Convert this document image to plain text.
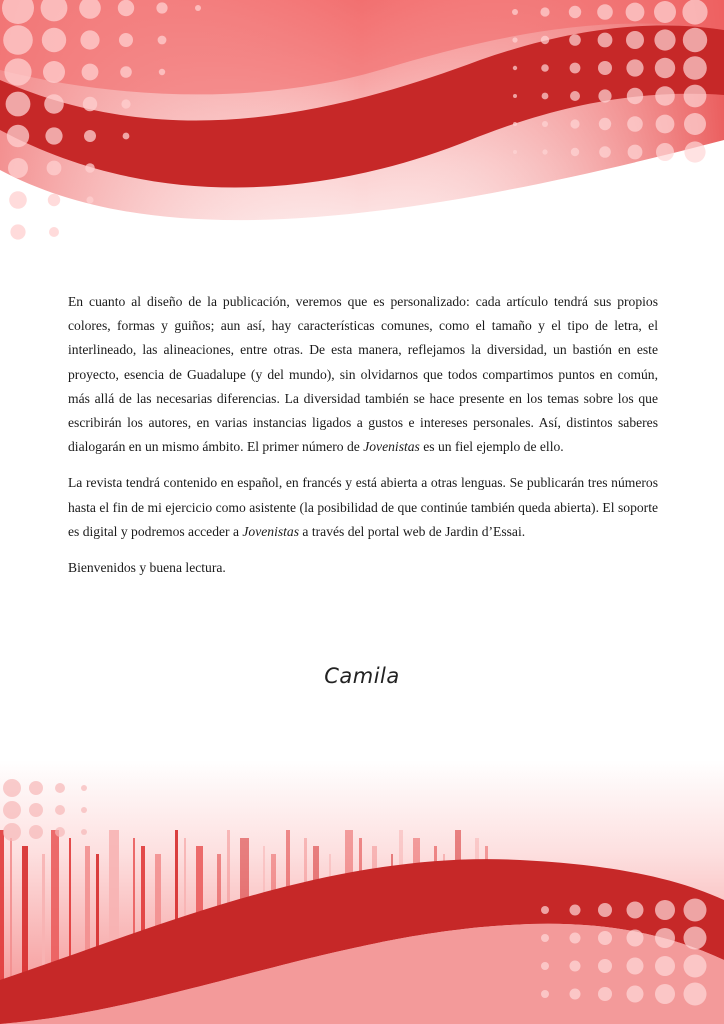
En cuanto al diseño de la publicación, veremos que es personalizado: cada artículo tendrá sus propios colores, formas y guiños; aun así, hay características comunes, como el tamaño y el tipo de letra, el interlineado, las alineaciones, entre otras. De esta manera, reflejamos la diversidad, un bastión en este proyecto, esencia de Guadalupe (y del mundo), sin olvidarnos que todos compartimos puntos en común, más allá de las necesarias diferencias. La diversidad también se hace presente en los temas sobre los que escribirán los autores, en varias instancias ligados a gustos e intereses personales. Así, distintos saberes dialogarán en un mismo ámbito. El primer número de Jovenistas es un fiel ejemplo de ello.

La revista tendrá contenido en español, en francés y está abierta a otras lenguas. Se publicarán tres números hasta el fin de mi ejercicio como asistente (la posibilidad de que continúe también queda abierta). El soporte es digital y podremos acceder a Jovenistas a través del portal web de Jardin d’Essai.

Bienvenidos y buena lectura.

Camila
